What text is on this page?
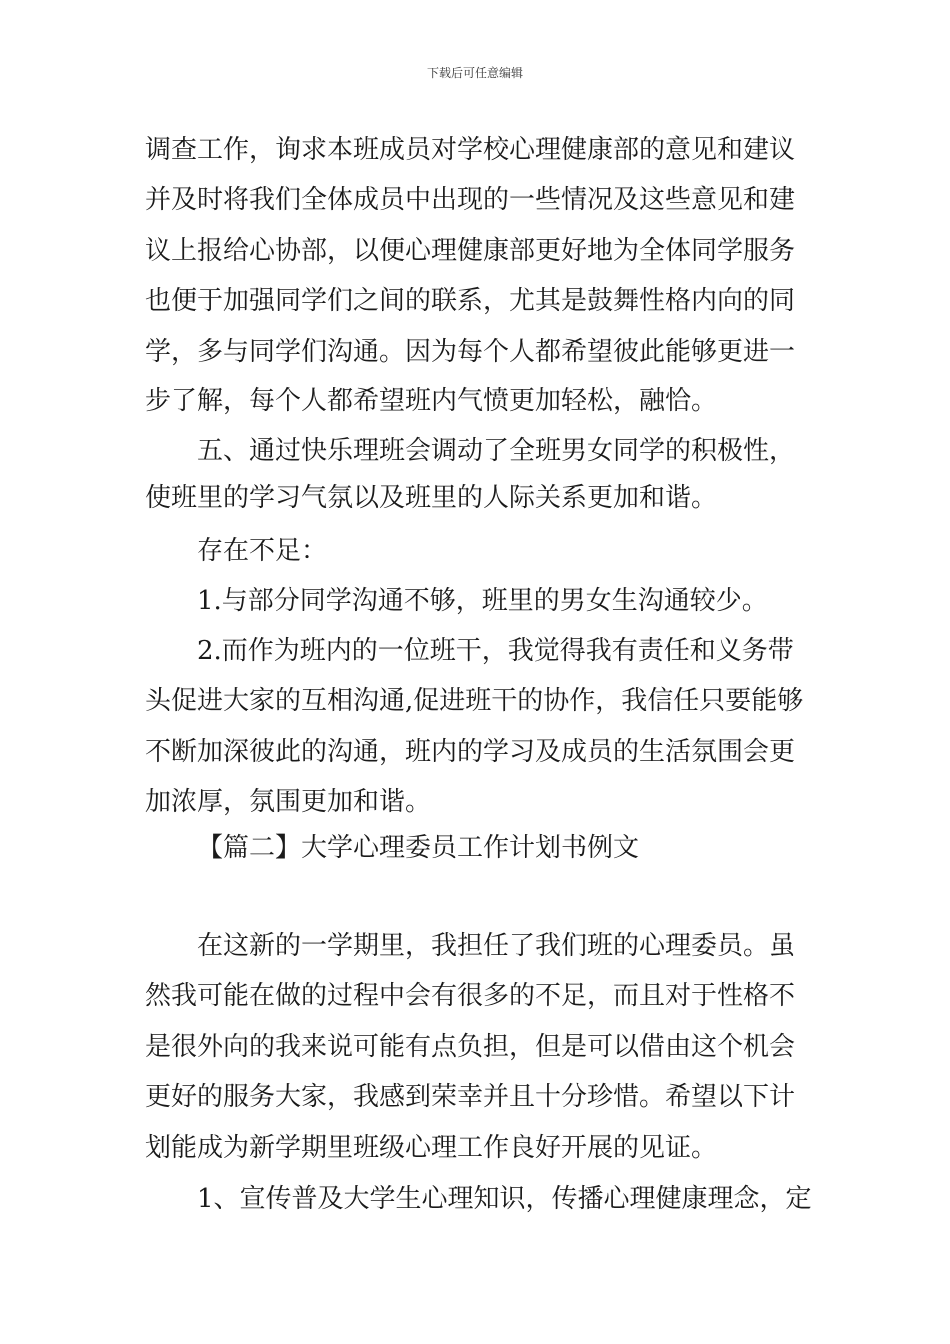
下载后可任意编辑
调查工作，询求本班成员对学校心理健康部的意见和建议
并及时将我们全体成员中出现的一些情况及这些意见和建
议上报给心协部，以便心理健康部更好地为全体同学服务
也便于加强同学们之间的联系，尤其是鼓舞性格内向的同
学，多与同学们沟通。因为每个人都希望彼此能够更进一
步了解，每个人都希望班内气愤更加轻松，融恰。
五、通过快乐理班会调动了全班男女同学的积极性，
使班里的学习气氛以及班里的人际关系更加和谐。
存在不足：
1.与部分同学沟通不够，班里的男女生沟通较少。
2.而作为班内的一位班干，我觉得我有责任和义务带
头促进大家的互相沟通,促进班干的协作，我信任只要能够
不断加深彼此的沟通，班内的学习及成员的生活氛围会更
加浓厚，氛围更加和谐。
【篇二】大学心理委员工作计划书例文
在这新的一学期里，我担任了我们班的心理委员。虽
然我可能在做的过程中会有很多的不足，而且对于性格不
是很外向的我来说可能有点负担，但是可以借由这个机会
更好的服务大家，我感到荣幸并且十分珍惜。希望以下计
划能成为新学期里班级心理工作良好开展的见证。
1、宣传普及大学生心理知识，传播心理健康理念，定
